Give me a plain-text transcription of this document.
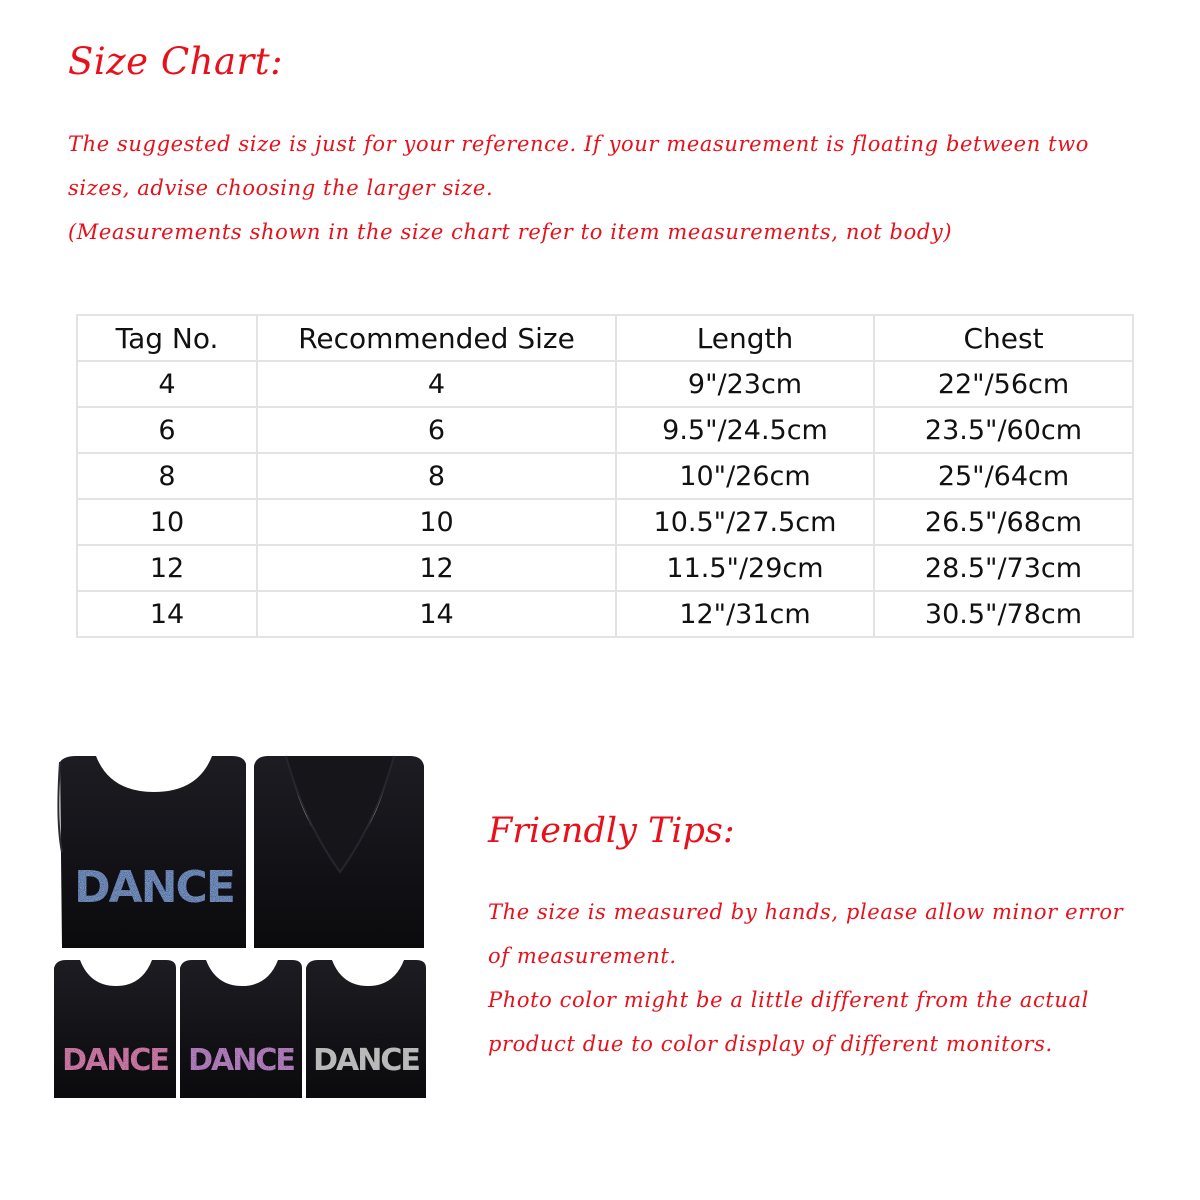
Size Chart:

The suggested size is just for your reference. If your measurement is floating between two
sizes, advise choosing the larger size.
(Measurements shown in the size chart refer to item measurements, not body)

Tag No.	Recommended Size	Length	Chest
4	4	9"/23cm	22"/56cm
6	6	9.5"/24.5cm	23.5"/60cm
8	8	10"/26cm	25"/64cm
10	10	10.5"/27.5cm	26.5"/68cm
12	12	11.5"/29cm	28.5"/73cm
14	14	12"/31cm	30.5"/78cm
DANCE
DANCE DANCE DANCE
Friendly Tips:

The size is measured by hands, please allow minor error
of measurement.
Photo color might be a little different from the actual
product due to color display of different monitors.
